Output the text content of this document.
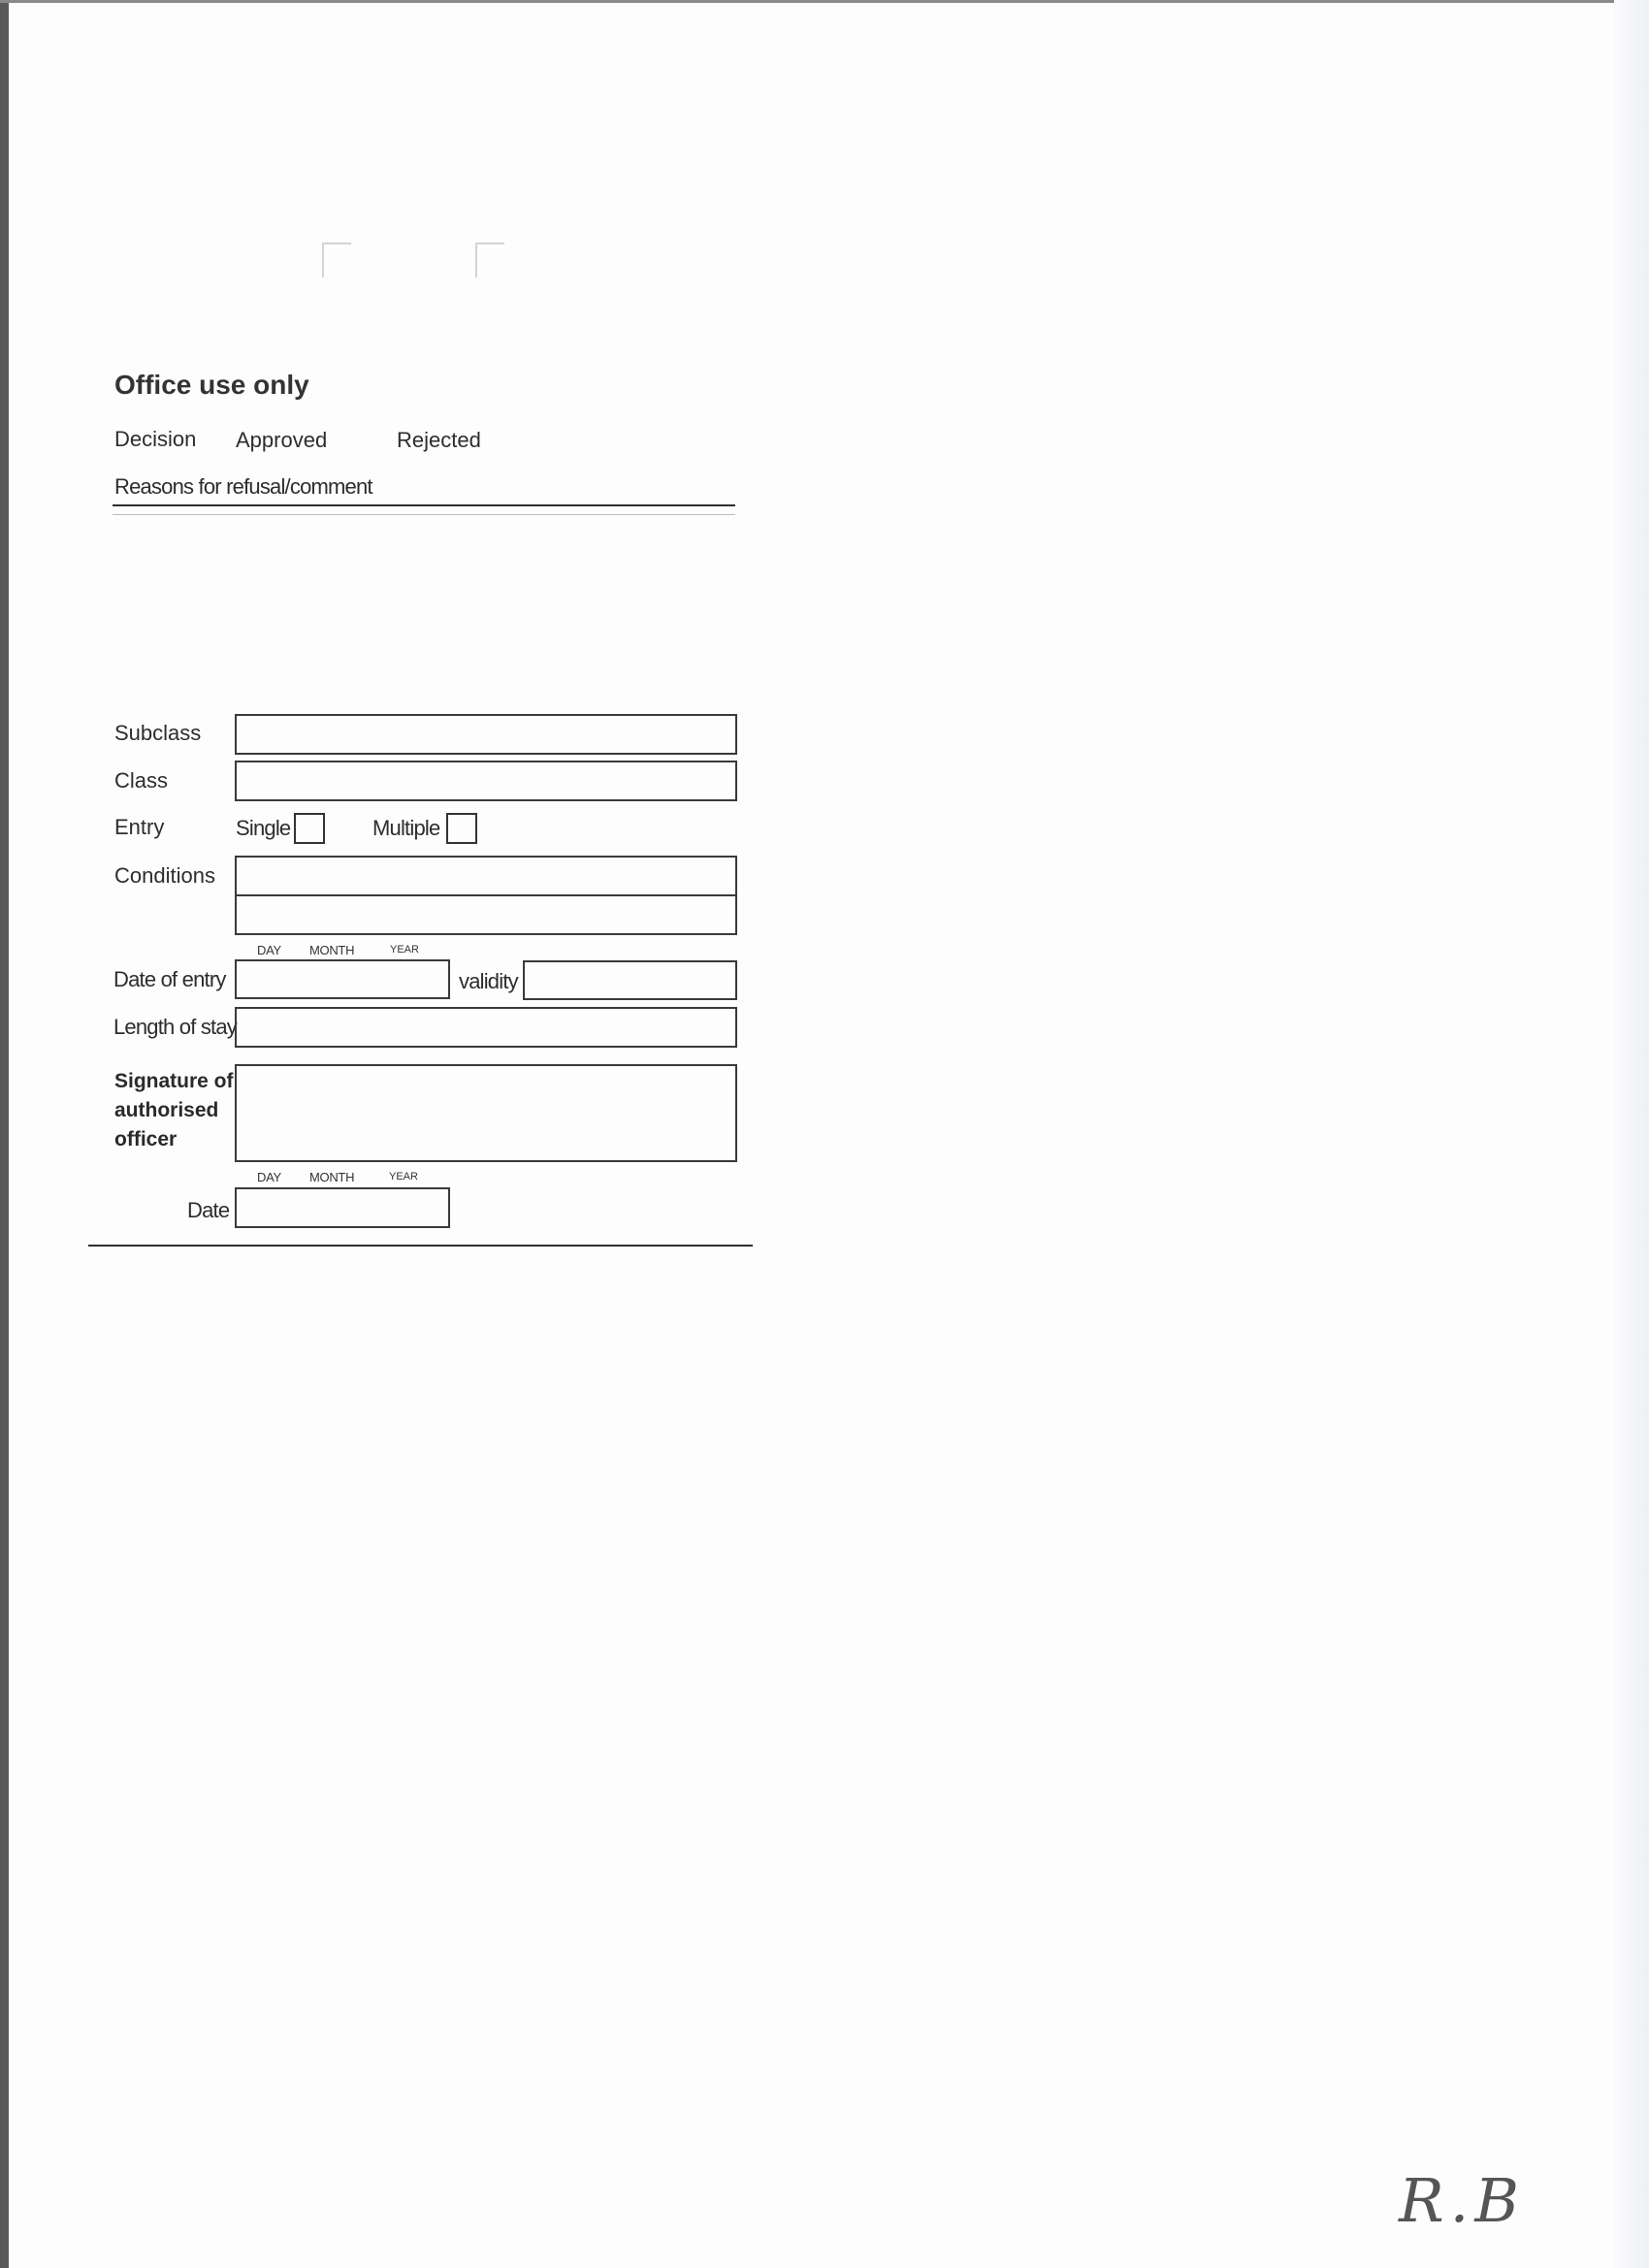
Office use only
Decision Approved	Rejected
Reasons for refusal/comment
Subclass
Class
Entry	Single	Multiple
Conditions
DAY MONTH	YEAR
Date of entry	validity
Length of stay
Signature of
authorised
officer
DAY MONTH	YEAR
Date
R.B
